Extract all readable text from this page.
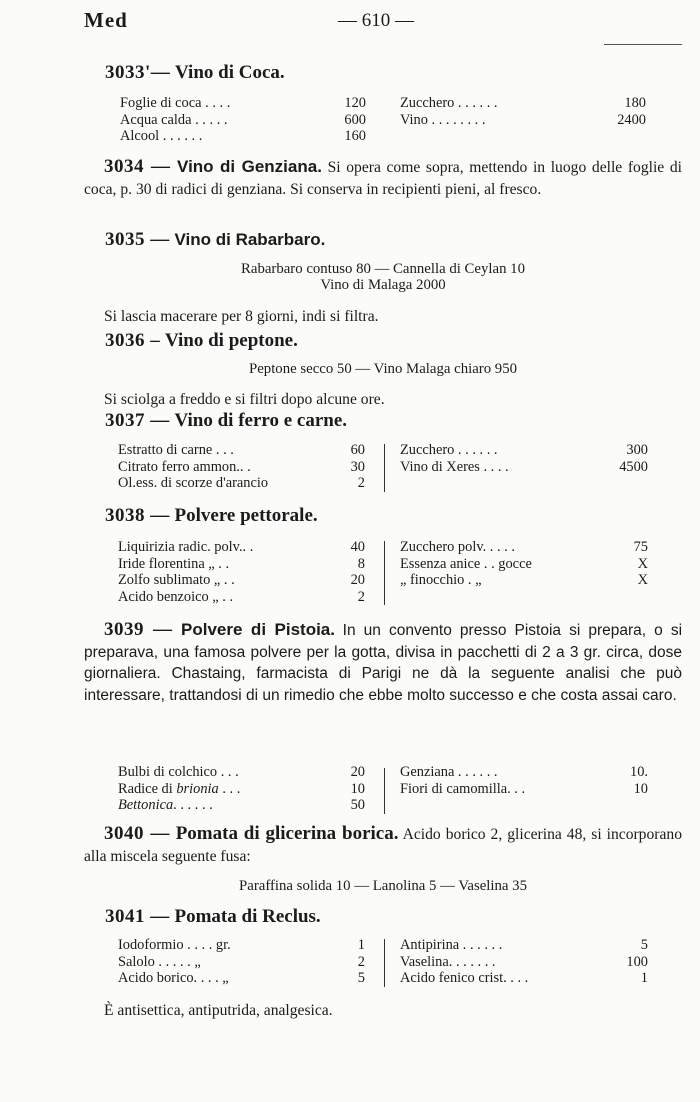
Med	— 610 —
3033'— Vino di Coca.
Foglie di coca . . . .	120
Acqua calda . . . . .	600
Alcool . . . . . .	160
Zucchero . . . . . .	180
Vino . . . . . . . .	2400
3034 — Vino di Genziana. Si opera come sopra, mettendo in luogo delle foglie di coca, p. 30 di radici di genziana. Si conserva in recipienti pieni, al fresco.
3035 — Vino di Rabarbaro.
Rabarbaro contuso 80 — Cannella di Ceylan 10
Vino di Malaga 2000
Si lascia macerare per 8 giorni, indi si filtra.
3036 – Vino di peptone.
Peptone secco 50 — Vino Malaga chiaro 950
Si sciolga a freddo e si filtri dopo alcune ore.
3037 — Vino di ferro e carne.
Estratto di carne . . .	60
Citrato ferro ammon.. .	30
Ol.ess. di scorze d'arancio	2
Zucchero . . . . . .	300
Vino di Xeres . . . .	4500
3038 — Polvere pettorale.
Liquirizia radic. polv.. .	40
Iride florentina „ . .	8
Zolfo sublimato „ . .	20
Acido benzoico „ . .	2
Zucchero polv. . . . .	75
Essenza anice . . gocce	X
„ finocchio . „	X
3039 — Polvere di Pistoia. In un convento presso Pistoia si prepara, o si preparava, una famosa polvere per la gotta, divisa in pacchetti di 2 a 3 gr. circa, dose giornaliera. Chastaing, farmacista di Parigi ne dà la seguente analisi che può interessare, trattandosi di un rimedio che ebbe molto successo e che costa assai caro.
Bulbi di colchico . . .	20
Radice di brionia . . .	10
Bettonica. . . . . .	50
Genziana . . . . . .	10.
Fiori di camomilla. . .	10
3040 — Pomata di glicerina borica. Acido borico 2, glicerina 48, si incorporano alla miscela seguente fusa:
Paraffina solida 10 — Lanolina 5 — Vaselina 35
3041 — Pomata di Reclus.
Iodoformio . . . . gr.	1
Salolo . . . . . „	2
Acido borico. . . . „	5
Antipirina . . . . . .	5
Vaselina. . . . . . .	100
Acido fenico crist. . . .	1
È antisettica, antiputrida, analgesica.
